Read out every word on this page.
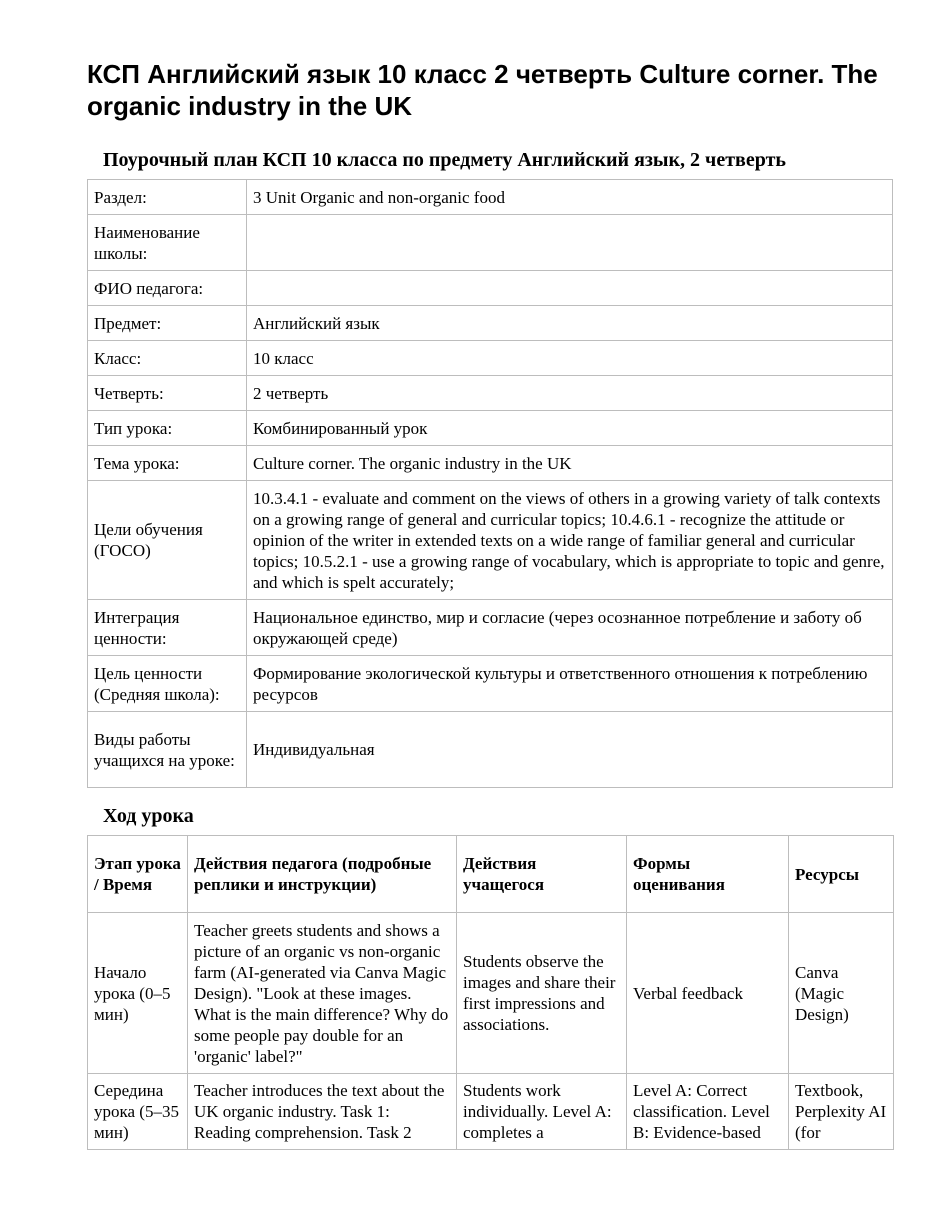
КСП Английский язык 10 класс 2 четверть Culture corner. The organic industry in the UK
Поурочный план КСП 10 класса по предмету Английский язык, 2 четверть
Раздел:	3 Unit Organic and non-organic food
Наименование школы:	
ФИО педагога:	
Предмет:	Английский язык
Класс:	10 класс
Четверть:	2 четверть
Тип урока:	Комбинированный урок
Тема урока:	Culture corner. The organic industry in the UK
Цели обучения (ГОСО)	10.3.4.1 - evaluate and comment on the views of others in a growing variety of talk contexts on a growing range of general and curricular topics; 10.4.6.1 - recognize the attitude or opinion of the writer in extended texts on a wide range of familiar general and curricular topics; 10.5.2.1 - use a growing range of vocabulary, which is appropriate to topic and genre, and which is spelt accurately;
Интеграция ценности:	Национальное единство, мир и согласие (через осознанное потребление и заботу об окружающей среде)
Цель ценности (Средняя школа):	Формирование экологической культуры и ответственного отношения к потреблению ресурсов
Виды работы учащихся на уроке:	Индивидуальная
Ход урока
Этап урока / Время	Действия педагога (подробные реплики и инструкции)	Действия учащегося	Формы оценивания	Ресурсы
Начало урока (0–5 мин)	Teacher greets students and shows a picture of an organic vs non-organic farm (AI-generated via Canva Magic Design). "Look at these images. What is the main difference? Why do some people pay double for an 'organic' label?"	Students observe the images and share their first impressions and associations.	Verbal feedback	Canva (Magic Design)
Середина урока (5–35 мин)	Teacher introduces the text about the UK organic industry. Task 1: Reading comprehension. Task 2	Students work individually. Level A: completes a	Level A: Correct classification. Level B: Evidence-based	Textbook, Perplexity AI (for
